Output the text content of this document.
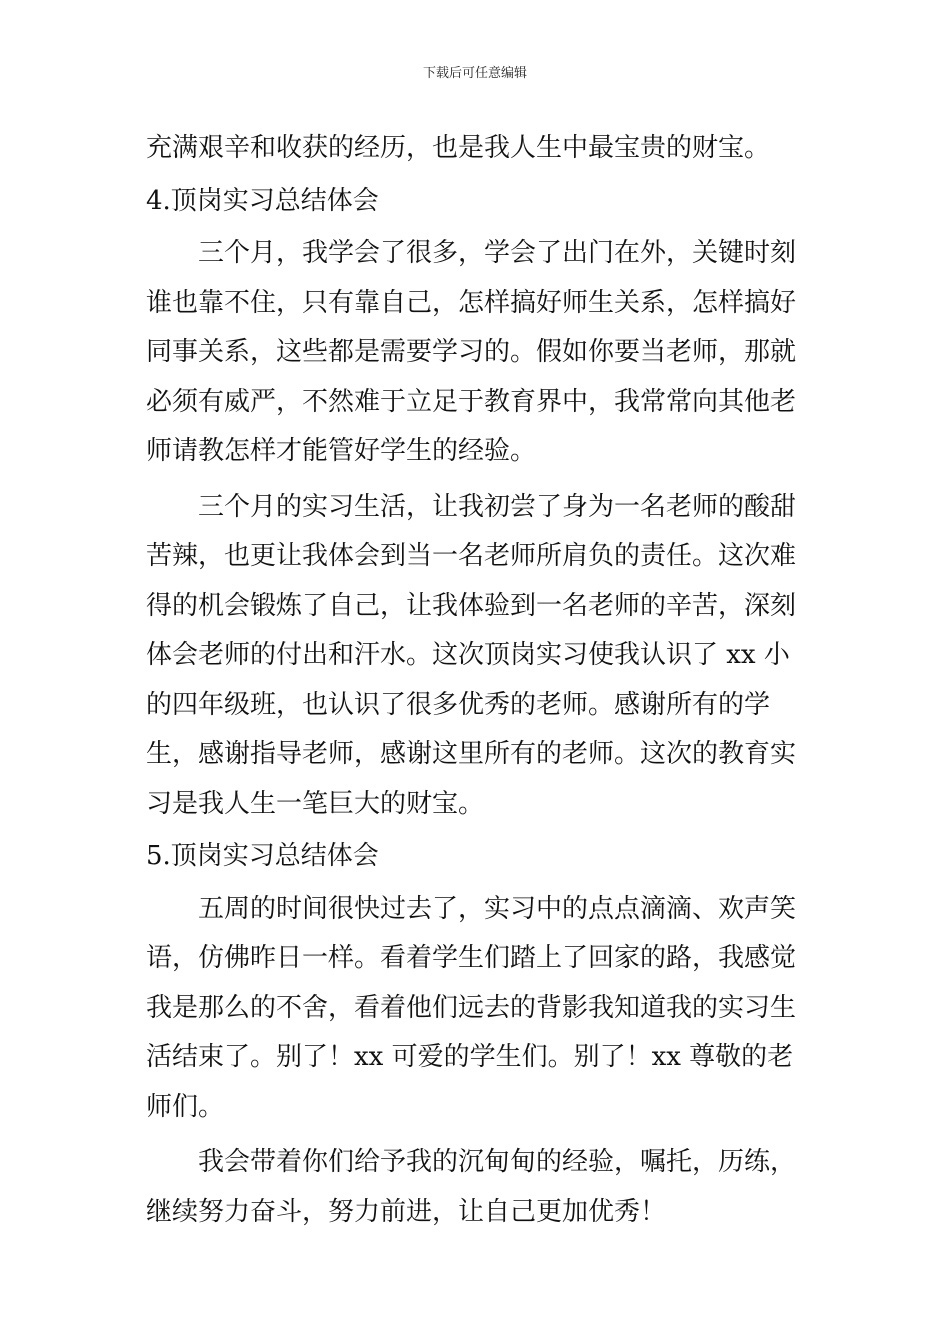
下载后可任意编辑

充满艰辛和收获的经历，也是我人生中最宝贵的财宝。

4.顶岗实习总结体会

三个月，我学会了很多，学会了出门在外，关键时刻谁也靠不住，只有靠自己，怎样搞好师生关系，怎样搞好同事关系，这些都是需要学习的。假如你要当老师，那就必须有威严，不然难于立足于教育界中，我常常向其他老师请教怎样才能管好学生的经验。

三个月的实习生活，让我初尝了身为一名老师的酸甜苦辣，也更让我体会到当一名老师所肩负的责任。这次难得的机会锻炼了自己，让我体验到一名老师的辛苦，深刻体会老师的付出和汗水。这次顶岗实习使我认识了 xx 小的四年级班，也认识了很多优秀的老师。感谢所有的学生，感谢指导老师，感谢这里所有的老师。这次的教育实习是我人生一笔巨大的财宝。

5.顶岗实习总结体会

五周的时间很快过去了，实习中的点点滴滴、欢声笑语，仿佛昨日一样。看着学生们踏上了回家的路，我感觉我是那么的不舍，看着他们远去的背影我知道我的实习生活结束了。别了！xx 可爱的学生们。别了！xx 尊敬的老师们。

我会带着你们给予我的沉甸甸的经验，嘱托，历练，继续努力奋斗，努力前进，让自己更加优秀！
